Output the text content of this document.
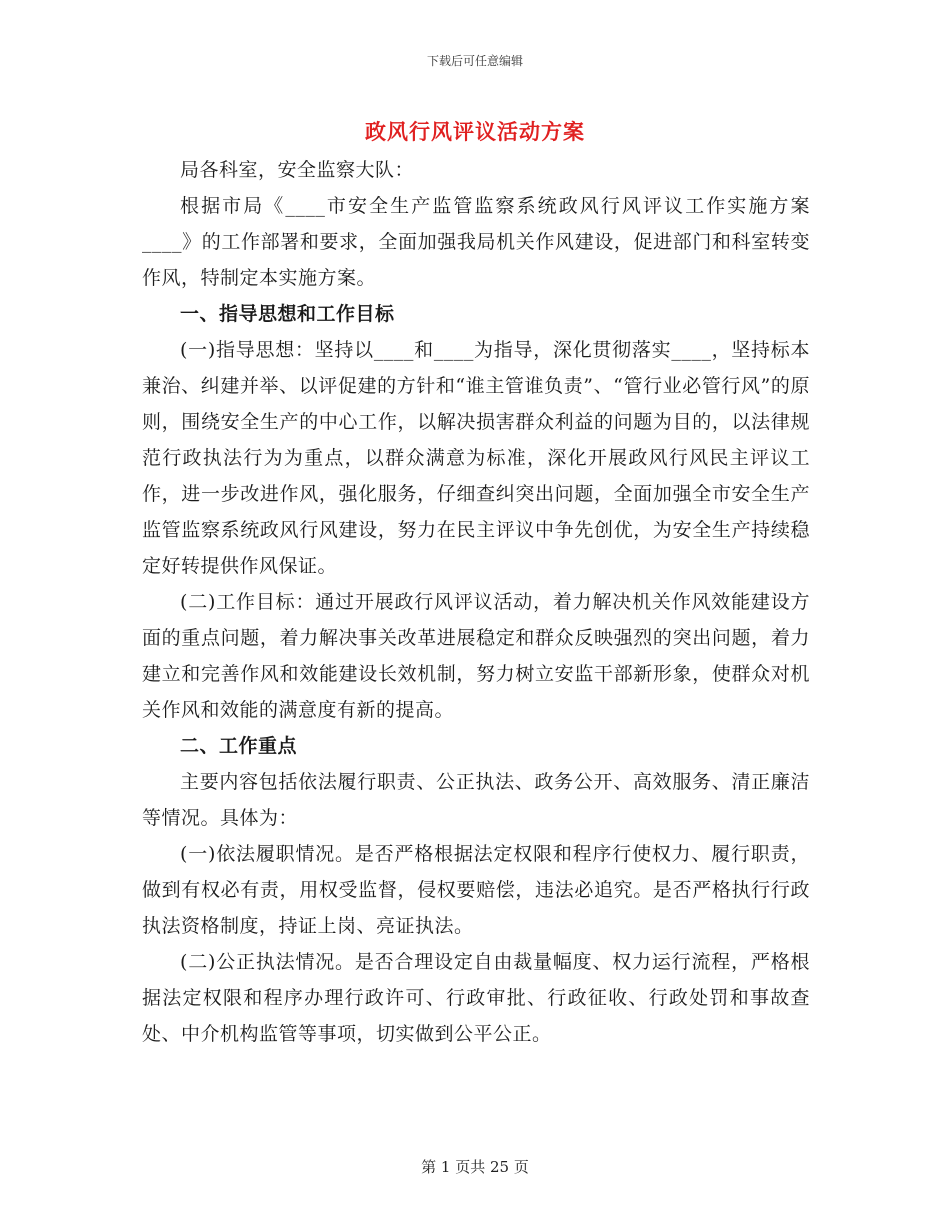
下载后可任意编辑
政风行风评议活动方案

局各科室，安全监察大队：

根据市局《____市安全生产监管监察系统政风行风评议工作实施方案____》的工作部署和要求，全面加强我局机关作风建设，促进部门和科室转变作风，特制定本实施方案。

一、指导思想和工作目标

(一)指导思想：坚持以____和____为指导，深化贯彻落实____，坚持标本兼治、纠建并举、以评促建的方针和“谁主管谁负责”、“管行业必管行风”的原则，围绕安全生产的中心工作，以解决损害群众利益的问题为目的，以法律规范行政执法行为为重点，以群众满意为标准，深化开展政风行风民主评议工作，进一步改进作风，强化服务，仔细查纠突出问题，全面加强全市安全生产监管监察系统政风行风建设，努力在民主评议中争先创优，为安全生产持续稳定好转提供作风保证。

(二)工作目标：通过开展政行风评议活动，着力解决机关作风效能建设方面的重点问题，着力解决事关改革进展稳定和群众反映强烈的突出问题，着力建立和完善作风和效能建设长效机制，努力树立安监干部新形象，使群众对机关作风和效能的满意度有新的提高。

二、工作重点

主要内容包括依法履行职责、公正执法、政务公开、高效服务、清正廉洁等情况。具体为：

(一)依法履职情况。是否严格根据法定权限和程序行使权力、履行职责，做到有权必有责，用权受监督，侵权要赔偿，违法必追究。是否严格执行行政执法资格制度，持证上岗、亮证执法。

(二)公正执法情况。是否合理设定自由裁量幅度、权力运行流程，严格根据法定权限和程序办理行政许可、行政审批、行政征收、行政处罚和事故查处、中介机构监管等事项，切实做到公平公正。

第 1 页共 25 页
